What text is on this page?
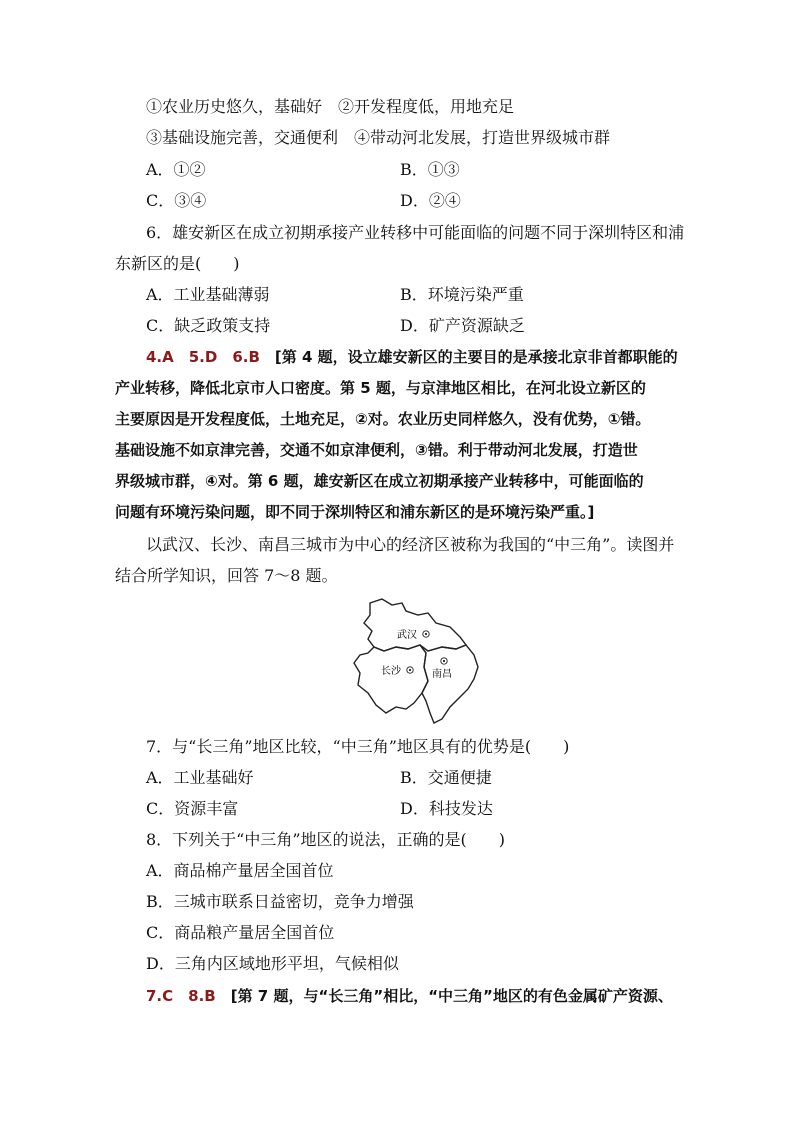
①农业历史悠久，基础好　②开发程度低，用地充足
③基础设施完善，交通便利　④带动河北发展，打造世界级城市群
A．①②	B．①③
C．③④	D．②④
6．雄安新区在成立初期承接产业转移中可能面临的问题不同于深圳特区和浦
东新区的是(　　)
A．工业基础薄弱	B．环境污染严重
C．缺乏政策支持	D．矿产资源缺乏
4.A　5.D　6.B　 [第 4 题，设立雄安新区的主要目的是承接北京非首都职能的
产业转移，降低北京市人口密度。第 5 题，与京津地区相比，在河北设立新区的
主要原因是开发程度低，土地充足，②对。农业历史同样悠久，没有优势，①错。
基础设施不如京津完善，交通不如京津便利，③错。利于带动河北发展，打造世
界级城市群，④对。第 6 题，雄安新区在成立初期承接产业转移中，可能面临的
问题有环境污染问题，即不同于深圳特区和浦东新区的是环境污染严重。]
以武汉、长沙、南昌三城市为中心的经济区被称为我国的“中三角”。读图并
结合所学知识，回答 7～8 题。
武汉
长沙	南昌
7．与“长三角”地区比较，“中三角”地区具有的优势是(　　)
A．工业基础好	B．交通便捷
C．资源丰富	D．科技发达
8．下列关于“中三角”地区的说法，正确的是(　　)
A．商品棉产量居全国首位
B．三城市联系日益密切，竞争力增强
C．商品粮产量居全国首位
D．三角内区域地形平坦，气候相似
7.C　8.B　 [第 7 题，与“长三角”相比，“中三角”地区的有色金属矿产资源、
